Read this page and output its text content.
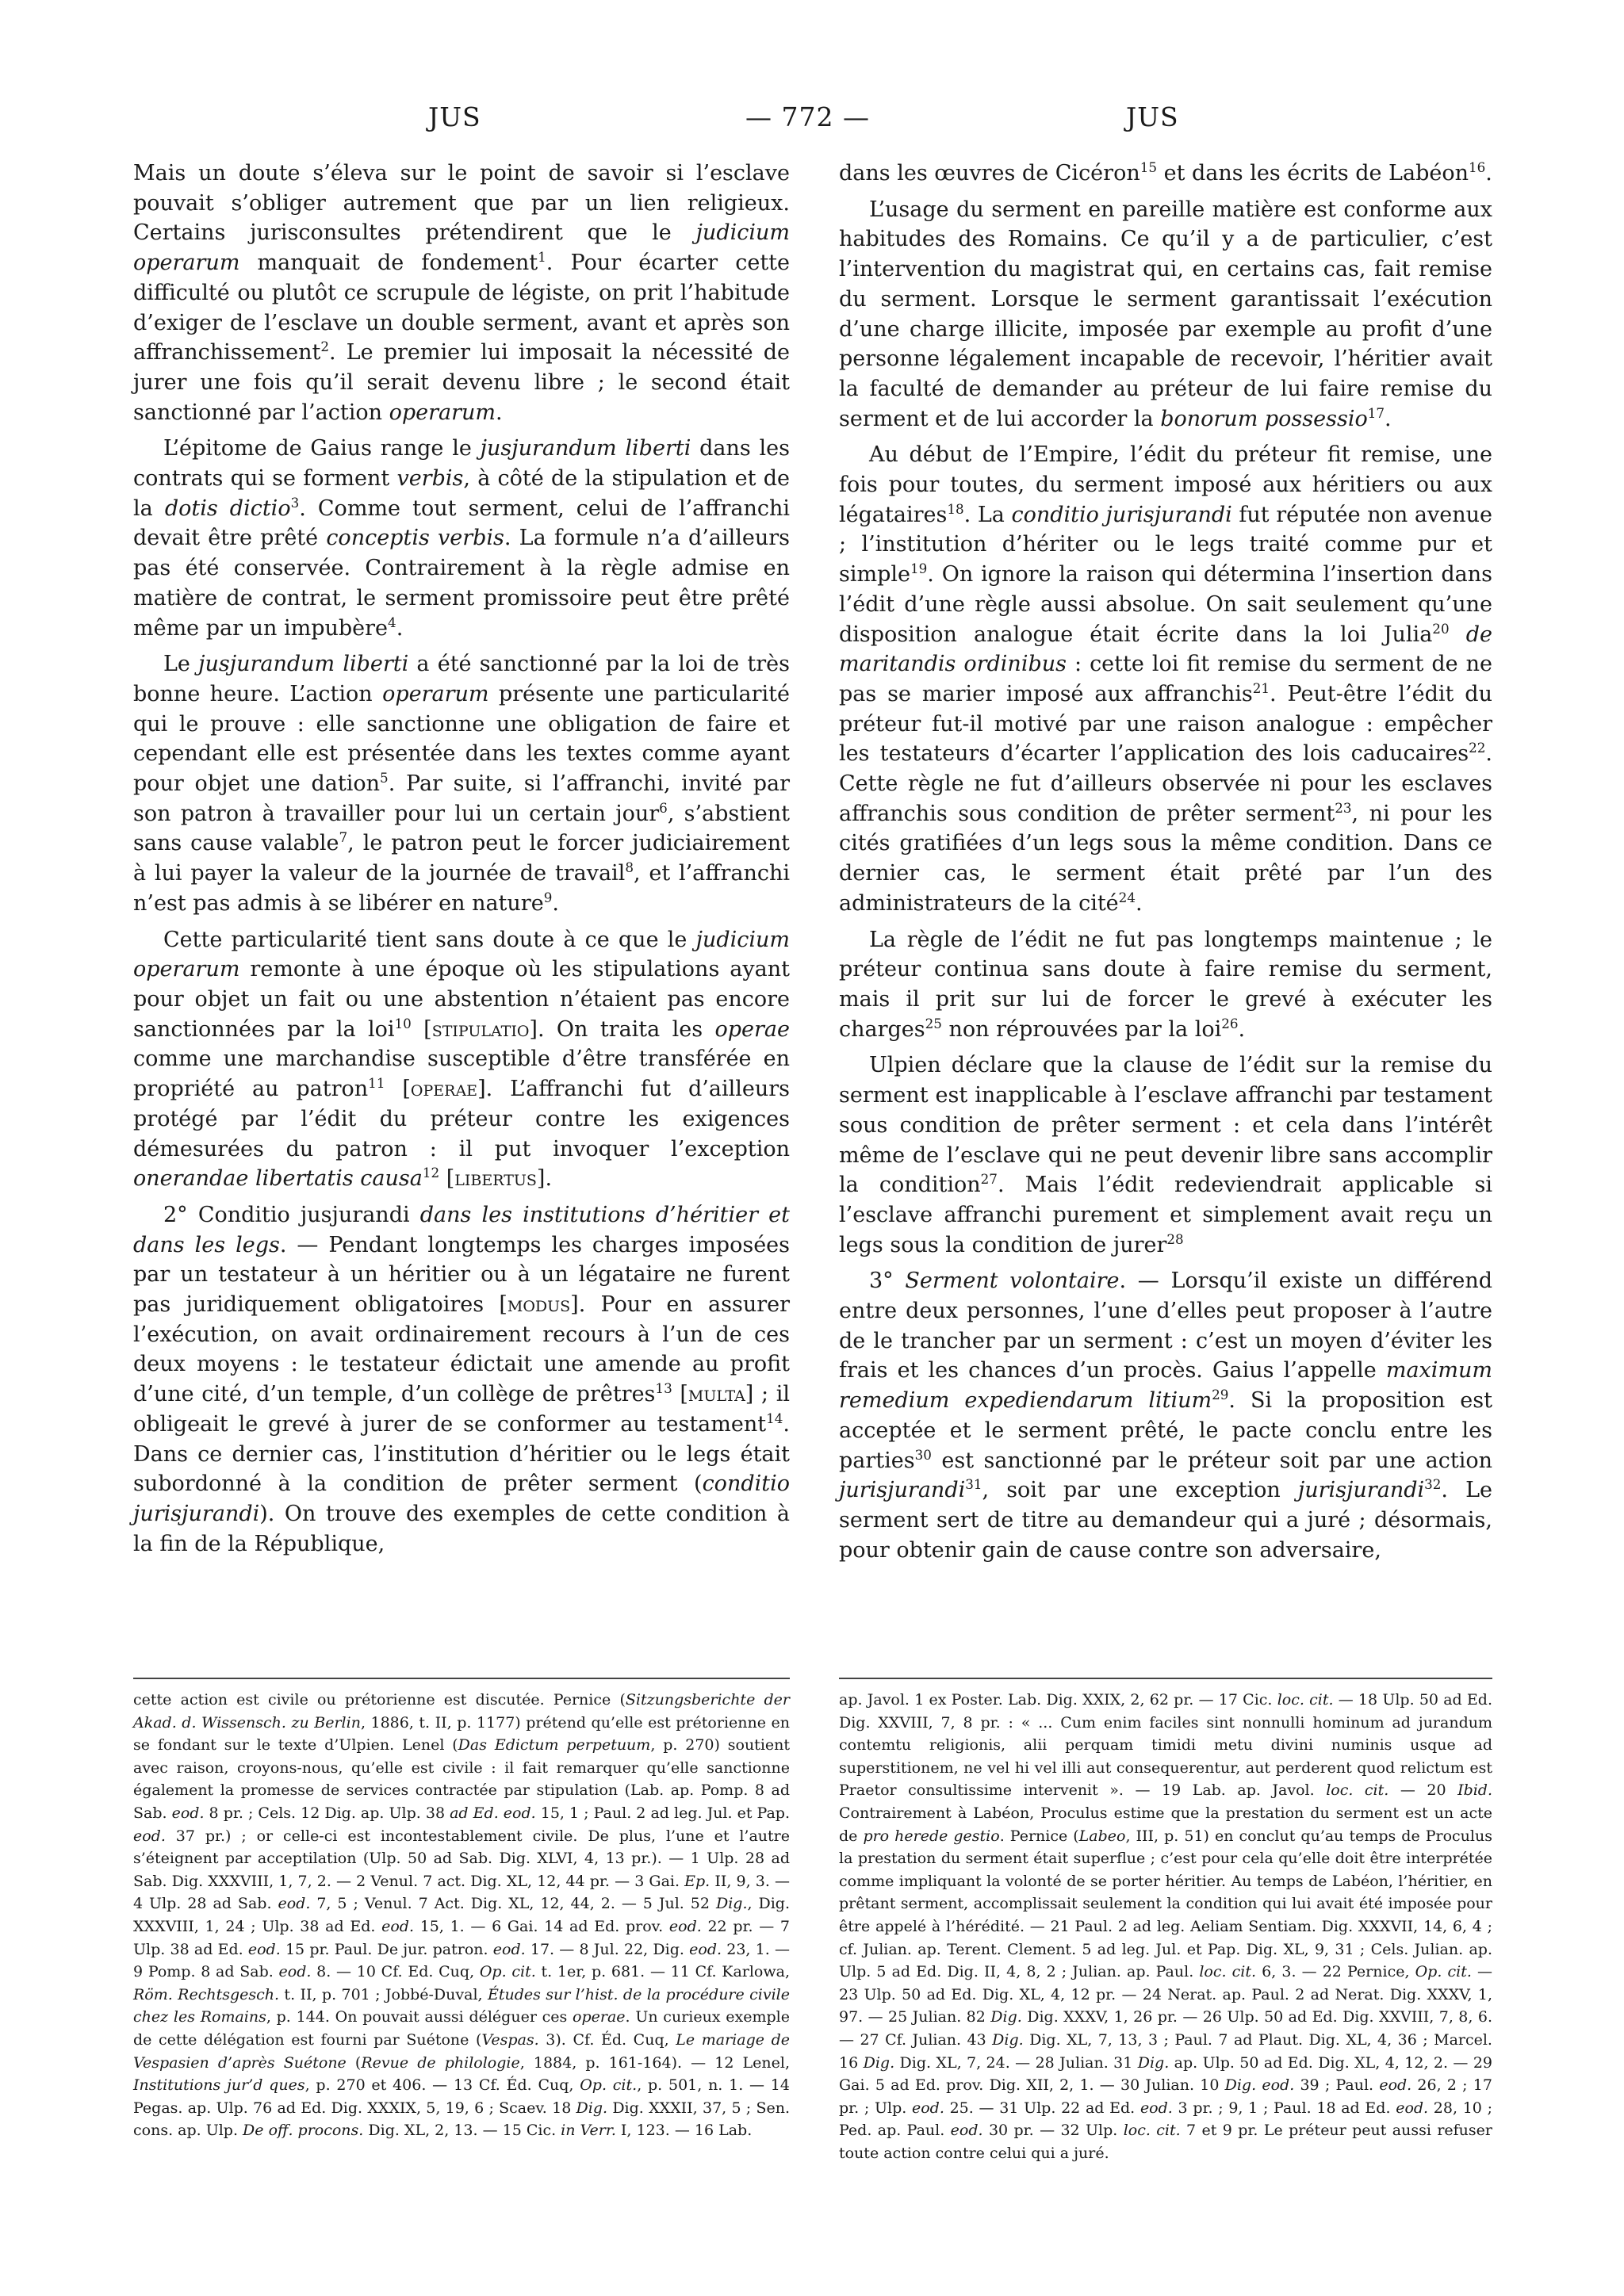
JUS	— 772 —	JUS

Mais un doute s’éleva sur le point de savoir si l’esclave pouvait s’obliger autrement que par un lien religieux. Certains jurisconsultes prétendirent que le judicium operarum manquait de fondement$^1$. Pour écarter cette difficulté ou plutôt ce scrupule de légiste, on prit l’habitude d’exiger de l’esclave un double serment, avant et après son affranchissement$^2$. Le premier lui imposait la nécessité de jurer une fois qu’il serait devenu libre ; le second était sanctionné par l’action operarum.

L’épitome de Gaius range le jusjurandum liberti dans les contrats qui se forment verbis, à côté de la stipulation et de la dotis dictio$^3$. Comme tout serment, celui de l’affranchi devait être prêté conceptis verbis. La formule n’a d’ailleurs pas été conservée. Contrairement à la règle admise en matière de contrat, le serment promissoire peut être prêté même par un impubère$^4$.

Le jusjurandum liberti a été sanctionné par la loi de très bonne heure. L’action operarum présente une particularité qui le prouve : elle sanctionne une obligation de faire et cependant elle est présentée dans les textes comme ayant pour objet une dation$^5$. Par suite, si l’affranchi, invité par son patron à travailler pour lui un certain jour$^6$, s’abstient sans cause valable$^7$, le patron peut le forcer judiciairement à lui payer la valeur de la journée de travail$^8$, et l’affranchi n’est pas admis à se libérer en nature$^9$.

Cette particularité tient sans doute à ce que le judicium operarum remonte à une époque où les stipulations ayant pour objet un fait ou une abstention n’étaient pas encore sanctionnées par la loi$^{10}$ [stipulatio]. On traita les operae comme une marchandise susceptible d’être transférée en propriété au patron$^{11}$ [operae]. L’affranchi fut d’ailleurs protégé par l’édit du préteur contre les exigences démesurées du patron : il put invoquer l’exception onerandae libertatis causa$^{12}$ [libertus].

2° Conditio jusjurandi dans les institutions d’héritier et dans les legs. — Pendant longtemps les charges imposées par un testateur à un héritier ou à un légataire ne furent pas juridiquement obligatoires [modus]. Pour en assurer l’exécution, on avait ordinairement recours à l’un de ces deux moyens : le testateur édictait une amende au profit d’une cité, d’un temple, d’un collège de prêtres$^{13}$ [multa] ; il obligeait le grevé à jurer de se conformer au testament$^{14}$. Dans ce dernier cas, l’institution d’héritier ou le legs était subordonné à la condition de prêter serment (conditio jurisjurandi). On trouve des exemples de cette condition à la fin de la République,

dans les œuvres de Cicéron$^{15}$ et dans les écrits de Labéon$^{16}$.

L’usage du serment en pareille matière est conforme aux habitudes des Romains. Ce qu’il y a de particulier, c’est l’intervention du magistrat qui, en certains cas, fait remise du serment. Lorsque le serment garantissait l’exécution d’une charge illicite, imposée par exemple au profit d’une personne légalement incapable de recevoir, l’héritier avait la faculté de demander au préteur de lui faire remise du serment et de lui accorder la bonorum possessio$^{17}$.

Au début de l’Empire, l’édit du préteur fit remise, une fois pour toutes, du serment imposé aux héritiers ou aux légataires$^{18}$. La conditio jurisjurandi fut réputée non avenue ; l’institution d’hériter ou le legs traité comme pur et simple$^{19}$. On ignore la raison qui détermina l’insertion dans l’édit d’une règle aussi absolue. On sait seulement qu’une disposition analogue était écrite dans la loi Julia$^{20}$ de maritandis ordinibus : cette loi fit remise du serment de ne pas se marier imposé aux affranchis$^{21}$. Peut-être l’édit du préteur fut-il motivé par une raison analogue : empêcher les testateurs d’écarter l’application des lois caducaires$^{22}$. Cette règle ne fut d’ailleurs observée ni pour les esclaves affranchis sous condition de prêter serment$^{23}$, ni pour les cités gratifiées d’un legs sous la même condition. Dans ce dernier cas, le serment était prêté par l’un des administrateurs de la cité$^{24}$.

La règle de l’édit ne fut pas longtemps maintenue ; le préteur continua sans doute à faire remise du serment, mais il prit sur lui de forcer le grevé à exécuter les charges$^{25}$ non réprouvées par la loi$^{26}$.

Ulpien déclare que la clause de l’édit sur la remise du serment est inapplicable à l’esclave affranchi par testament sous condition de prêter serment : et cela dans l’intérêt même de l’esclave qui ne peut devenir libre sans accomplir la condition$^{27}$. Mais l’édit redeviendrait applicable si l’esclave affranchi purement et simplement avait reçu un legs sous la condition de jurer$^{28}$

3° Serment volontaire. — Lorsqu’il existe un différend entre deux personnes, l’une d’elles peut proposer à l’autre de le trancher par un serment : c’est un moyen d’éviter les frais et les chances d’un procès. Gaius l’appelle maximum remedium expediendarum litium$^{29}$. Si la proposition est acceptée et le serment prêté, le pacte conclu entre les parties$^{30}$ est sanctionné par le préteur soit par une action jurisjurandi$^{31}$, soit par une exception jurisjurandi$^{32}$. Le serment sert de titre au demandeur qui a juré ; désormais, pour obtenir gain de cause contre son adversaire,

cette action est civile ou prétorienne est discutée. Pernice (Sitzungsberichte der Akad. d. Wissensch. zu Berlin, 1886, t. II, p. 1177) prétend qu’elle est prétorienne en se fondant sur le texte d’Ulpien. Lenel (Das Edictum perpetuum, p. 270) soutient avec raison, croyons-nous, qu’elle est civile : il fait remarquer qu’elle sanctionne également la promesse de services contractée par stipulation (Lab. ap. Pomp. 8 ad Sab. eod. 8 pr. ; Cels. 12 Dig. ap. Ulp. 38 ad Ed. eod. 15, 1 ; Paul. 2 ad leg. Jul. et Pap. eod. 37 pr.) ; or celle-ci est incontestablement civile. De plus, l’une et l’autre s’éteignent par acceptilation (Ulp. 50 ad Sab. Dig. XLVI, 4, 13 pr.). — 1 Ulp. 28 ad Sab. Dig. XXXVIII, 1, 7, 2. — 2 Venul. 7 act. Dig. XL, 12, 44 pr. — 3 Gai. Ep. II, 9, 3. — 4 Ulp. 28 ad Sab. eod. 7, 5 ; Venul. 7 Act. Dig. XL, 12, 44, 2. — 5 Jul. 52 Dig., Dig. XXXVIII, 1, 24 ; Ulp. 38 ad Ed. eod. 15, 1. — 6 Gai. 14 ad Ed. prov. eod. 22 pr. — 7 Ulp. 38 ad Ed. eod. 15 pr. Paul. De jur. patron. eod. 17. — 8 Jul. 22, Dig. eod. 23, 1. — 9 Pomp. 8 ad Sab. eod. 8. — 10 Cf. Ed. Cuq, Op. cit. t. 1er, p. 681. — 11 Cf. Karlowa, Röm. Rechtsgesch. t. II, p. 701 ; Jobbé-Duval, Études sur l’hist. de la procédure civile chez les Romains, p. 144. On pouvait aussi déléguer ces operae. Un curieux exemple de cette délégation est fourni par Suétone (Vespas. 3). Cf. Éd. Cuq, Le mariage de Vespasien d’après Suétone (Revue de philologie, 1884, p. 161-164). — 12 Lenel, Institutions jur’d ques, p. 270 et 406. — 13 Cf. Éd. Cuq, Op. cit., p. 501, n. 1. — 14 Pegas. ap. Ulp. 76 ad Ed. Dig. XXXIX, 5, 19, 6 ; Scaev. 18 Dig. Dig. XXXII, 37, 5 ; Sen. cons. ap. Ulp. De off. procons. Dig. XL, 2, 13. — 15 Cic. in Verr. I, 123. — 16 Lab.

ap. Javol. 1 ex Poster. Lab. Dig. XXIX, 2, 62 pr. — 17 Cic. loc. cit. — 18 Ulp. 50 ad Ed. Dig. XXVIII, 7, 8 pr. : « ... Cum enim faciles sint nonnulli hominum ad jurandum contemtu religionis, alii perquam timidi metu divini numinis usque ad superstitionem, ne vel hi vel illi aut consequerentur, aut perderent quod relictum est Praetor consultissime intervenit ». — 19 Lab. ap. Javol. loc. cit. — 20 Ibid. Contrairement à Labéon, Proculus estime que la prestation du serment est un acte de pro herede gestio. Pernice (Labeo, III, p. 51) en conclut qu’au temps de Proculus la prestation du serment était superflue ; c’est pour cela qu’elle doit être interprétée comme impliquant la volonté de se porter héritier. Au temps de Labéon, l’héritier, en prêtant serment, accomplissait seulement la condition qui lui avait été imposée pour être appelé à l’hérédité. — 21 Paul. 2 ad leg. Aeliam Sentiam. Dig. XXXVII, 14, 6, 4 ; cf. Julian. ap. Terent. Clement. 5 ad leg. Jul. et Pap. Dig. XL, 9, 31 ; Cels. Julian. ap. Ulp. 5 ad Ed. Dig. II, 4, 8, 2 ; Julian. ap. Paul. loc. cit. 6, 3. — 22 Pernice, Op. cit. — 23 Ulp. 50 ad Ed. Dig. XL, 4, 12 pr. — 24 Nerat. ap. Paul. 2 ad Nerat. Dig. XXXV, 1, 97. — 25 Julian. 82 Dig. Dig. XXXV, 1, 26 pr. — 26 Ulp. 50 ad Ed. Dig. XXVIII, 7, 8, 6. — 27 Cf. Julian. 43 Dig. Dig. XL, 7, 13, 3 ; Paul. 7 ad Plaut. Dig. XL, 4, 36 ; Marcel. 16 Dig. Dig. XL, 7, 24. — 28 Julian. 31 Dig. ap. Ulp. 50 ad Ed. Dig. XL, 4, 12, 2. — 29 Gai. 5 ad Ed. prov. Dig. XII, 2, 1. — 30 Julian. 10 Dig. eod. 39 ; Paul. eod. 26, 2 ; 17 pr. ; Ulp. eod. 25. — 31 Ulp. 22 ad Ed. eod. 3 pr. ; 9, 1 ; Paul. 18 ad Ed. eod. 28, 10 ; Ped. ap. Paul. eod. 30 pr. — 32 Ulp. loc. cit. 7 et 9 pr. Le préteur peut aussi refuser toute action contre celui qui a juré.
